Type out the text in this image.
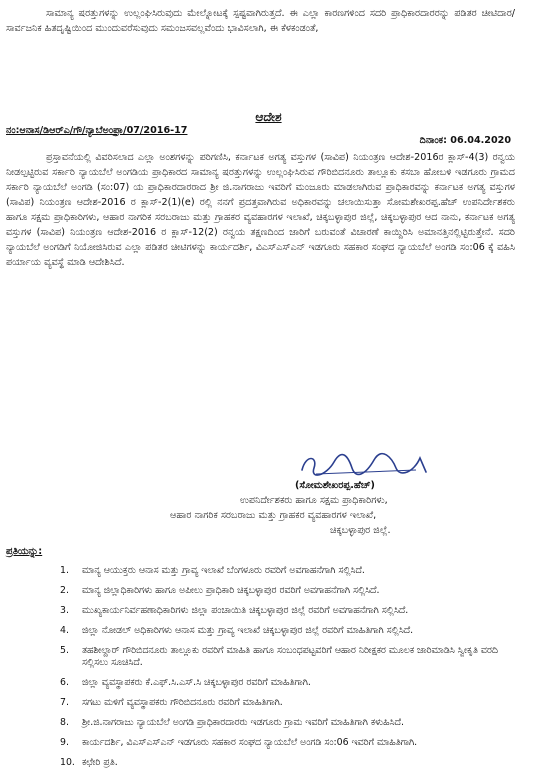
ಸಾಮಾನ್ಯ ಷರತ್ತುಗಳನ್ನು ಉಲ್ಲಂಘಿಸಿರುವುದು ಮೇಲ್ನೋಟಕ್ಕೆ ಸ್ಪಷ್ಟವಾಗಿರುತ್ತದೆ. ಈ ಎಲ್ಲಾ ಕಾರಣಗಳಿಂದ ಸದರಿ ಪ್ರಾಧಿಕಾರದಾರರನ್ನು ಪಡಿತರ ಚೀಟಿದಾರ/ಸಾರ್ವಜನಿಕ ಹಿತದೃಷ್ಟಿಯಿಂದ ಮುಂದುವರೆಸುವುದು ಸಮಂಜಸವಲ್ಲವೆಂದು ಭಾವಿಸಲಾಗಿ, ಈ ಕೆಳಕಂಡಂತೆ,

ಆದೇಶ
ನಂ:ಆನಾಸ/ಡಿಆರ್‌ಎ/ಗೌ/ನ್ಯಾಬೆಅಂಪ್ರಾ/07/2016-17
ದಿನಾಂಕ: 06.04.2020

ಪ್ರಸ್ತಾವನೆಯಲ್ಲಿ ವಿವರಿಸಲಾದ ಎಲ್ಲಾ ಅಂಶಗಳನ್ನು ಪರಿಗಣಿಸಿ, ಕರ್ನಾಟಕ ಅಗತ್ಯ ವಸ್ತುಗಳ (ಸಾವಿಪ) ನಿಯಂತ್ರಣ ಆದೇಶ-2016ರ ಕ್ಲಾಸ್-4(3) ರನ್ವಯ ನೀಡಲ್ಪಟ್ಟಿರುವ ಸರ್ಕಾರಿ ನ್ಯಾಯಬೆಲೆ ಅಂಗಡಿಯ ಪ್ರಾಧಿಕಾರದ ಸಾಮಾನ್ಯ ಷರತ್ತುಗಳನ್ನು ಉಲ್ಲಂಘಿಸಿರುವ ಗೌರಿಬಿದನೂರು ತಾಲ್ಲೂಕು ಕಸಬಾ ಹೋಬಳಿ ಇಡಗೂರು ಗ್ರಾಮದ ಸರ್ಕಾರಿ ನ್ಯಾಯಬೆಲೆ ಅಂಗಡಿ (ಸಂ:07) ಯ ಪ್ರಾಧಿಕಾರದಾರರಾದ ಶ್ರೀ ಜಿ.ನಾಗರಾಜು ಇವರಿಗೆ ಮಂಜೂರು ಮಾಡಲಾಗಿರುವ ಪ್ರಾಧಿಕಾರವನ್ನು ಕರ್ನಾಟಕ ಅಗತ್ಯ ವಸ್ತುಗಳ (ಸಾವಿಪ) ನಿಯಂತ್ರಣ ಆದೇಶ-2016 ರ ಕ್ಲಾಸ್-2(1)(e) ರಲ್ಲಿ ನನಗೆ ಪ್ರದತ್ತವಾಗಿರುವ ಅಧಿಕಾರವನ್ನು ಚಲಾಯಿಸುತ್ತಾ ಸೋಮಶೇಖರಪ್ಪ.ಹೆಚ್ ಉಪನಿರ್ದೇಶಕರು ಹಾಗೂ ಸಕ್ಷಮ ಪ್ರಾಧಿಕಾರಿಗಳು, ಆಹಾರ ನಾಗರಿಕ ಸರಬರಾಜು ಮತ್ತು ಗ್ರಾಹಕರ ವ್ಯವಹಾರಗಳ ಇಲಾಖೆ, ಚಿಕ್ಕಬಳ್ಳಾಪುರ ಜಿಲ್ಲೆ, ಚಿಕ್ಕಬಳ್ಳಾಪುರ ಆದ ನಾನು, ಕರ್ನಾಟಕ ಅಗತ್ಯ ವಸ್ತುಗಳ (ಸಾವಿಪ) ನಿಯಂತ್ರಣ ಆದೇಶ-2016 ರ ಕ್ಲಾಸ್-12(2) ರನ್ವಯ ತಕ್ಷಣದಿಂದ ಜಾರಿಗೆ ಬರುವಂತೆ ವಿಚಾರಣೆ ಕಾಯ್ದಿರಿಸಿ ಅಮಾನತ್ತಿನಲ್ಲಿಟ್ಟಿರುತ್ತೇನೆ. ಸದರಿ ನ್ಯಾಯಬೆಲೆ ಅಂಗಡಿಗೆ ನಿಯೋಜಿಸಿರುವ ಎಲ್ಲಾ ಪಡಿತರ ಚೀಟಿಗಳನ್ನು ಕಾರ್ಯದರ್ಶಿ, ವಿಎಸ್‌ಎಸ್‌ಎನ್ ಇಡಗೂರು ಸಹಕಾರ ಸಂಘದ ನ್ಯಾಯಬೆಲೆ ಅಂಗಡಿ ಸಂ:06 ಕ್ಕೆ ವಹಿಸಿ ಪರ್ಯಾಯ ವ್ಯವಸ್ಥೆ ಮಾಡಿ ಆದೇಶಿಸಿದೆ.

(ಸೋಮಶೇಖರಪ್ಪ.ಹೆಚ್)
ಉಪನಿರ್ದೇಶಕರು ಹಾಗೂ ಸಕ್ಷಮ ಪ್ರಾಧಿಕಾರಿಗಳು,
ಆಹಾರ ನಾಗರಿಕ ಸರಬರಾಜು ಮತ್ತು ಗ್ರಾಹಕರ ವ್ಯವಹಾರಗಳ ಇಲಾಖೆ,
ಚಿಕ್ಕಬಳ್ಳಾಪುರ ಜಿಲ್ಲೆ.
ಪ್ರತಿಯನ್ನು:
1. ಮಾನ್ಯ ಆಯುಕ್ತರು ಆನಾಸ ಮತ್ತು ಗ್ರಾವ್ಯ ಇಲಾಖೆ ಬೆಂಗಳೂರು ರವರಿಗೆ ಅವಗಾಹನೆಗಾಗಿ ಸಲ್ಲಿಸಿದೆ.
2. ಮಾನ್ಯ ಜಿಲ್ಲಾಧಿಕಾರಿಗಳು ಹಾಗೂ ಅಪೀಲು ಪ್ರಾಧಿಕಾರಿ ಚಿಕ್ಕಬಳ್ಳಾಪುರ ರವರಿಗೆ ಅವಗಾಹನೆಗಾಗಿ ಸಲ್ಲಿಸಿದೆ.
3. ಮುಖ್ಯಕಾರ್ಯನಿರ್ವಹಣಾಧಿಕಾರಿಗಳು ಜಿಲ್ಲಾ ಪಂಚಾಯಿತಿ ಚಿಕ್ಕಬಳ್ಳಾಪುರ ಜಿಲ್ಲೆ ರವರಿಗೆ ಅವಗಾಹನೆಗಾಗಿ ಸಲ್ಲಿಸಿದೆ.
4. ಜಿಲ್ಲಾ ನೋಡಲ್ ಅಧಿಕಾರಿಗಳು ಆನಾಸ ಮತ್ತು ಗ್ರಾವ್ಯ ಇಲಾಖೆ ಚಿಕ್ಕಬಳ್ಳಾಪುರ ಜಿಲ್ಲೆ ರವರಿಗೆ ಮಾಹಿತಿಗಾಗಿ ಸಲ್ಲಿಸಿದೆ.
5. ತಹಶೀಲ್ದಾರ್ ಗೌರಿಬಿದನೂರು ತಾಲ್ಲೂಕು ರವರಿಗೆ ಮಾಹಿತಿ ಹಾಗೂ ಸಂಬಂಧಪಟ್ಟವರಿಗೆ ಆಹಾರ ನಿರೀಕ್ಷಕರ ಮೂಲಕ ಜಾರಿಮಾಡಿಸಿ ಸ್ವೀಕೃತಿ ವರದಿ ಸಲ್ಲಿಸಲು ಸೂಚಿಸಿದೆ.
6. ಜಿಲ್ಲಾ ವ್ಯವಸ್ಥಾಪಕರು ಕೆ.ಎಫ್.ಸಿ.ಎಸ್.ಸಿ ಚಿಕ್ಕಬಳ್ಳಾಪುರ ರವರಿಗೆ ಮಾಹಿತಿಗಾಗಿ.
7. ಸಗಟು ಮಳಿಗೆ ವ್ಯವಸ್ಥಾಪಕರು ಗೌರಿಬಿದನೂರು ರವರಿಗೆ ಮಾಹಿತಿಗಾಗಿ.
8. ಶ್ರೀ.ಜಿ.ನಾಗರಾಜು ನ್ಯಾಯಬೆಲೆ ಅಂಗಡಿ ಪ್ರಾಧಿಕಾರದಾರರು ಇಡಗೂರು ಗ್ರಾಮ ಇವರಿಗೆ ಮಾಹಿತಿಗಾಗಿ ಕಳುಹಿಸಿದೆ.
9. ಕಾರ್ಯದರ್ಶಿ, ವಿಎಸ್‌ಎಸ್‌ಎನ್ ಇಡಗೂರು ಸಹಕಾರ ಸಂಘದ ನ್ಯಾಯಬೆಲೆ ಅಂಗಡಿ ಸಂ:06 ಇವರಿಗೆ ಮಾಹಿತಿಗಾಗಿ.
10. ಕಛೇರಿ ಪ್ರತಿ.
